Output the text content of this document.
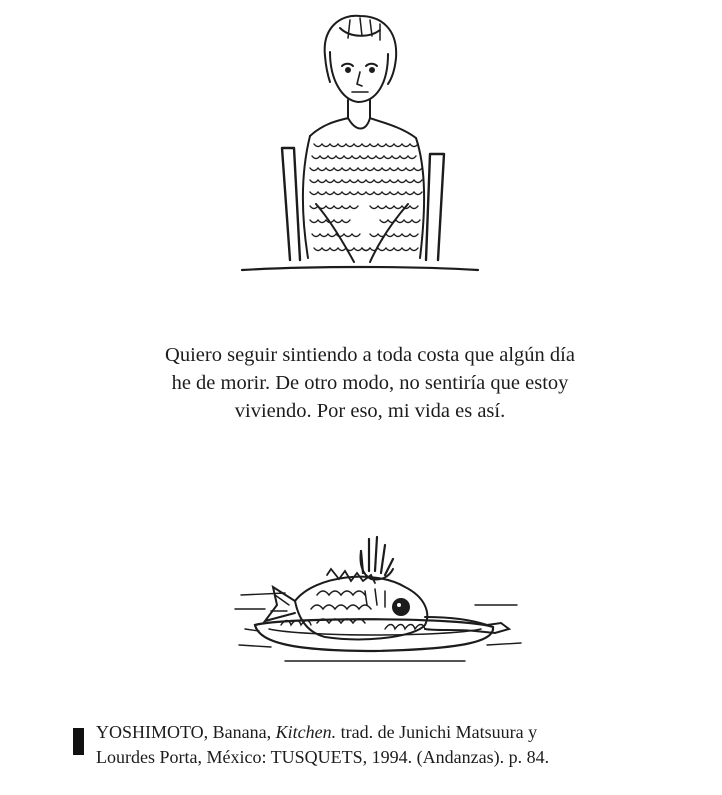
Quiero seguir sintiendo a toda costa que algún día

he de morir. De otro modo, no sentiría que estoy

viviendo. Por eso, mi vida es así.

YOSHIMOTO, Banana, Kitchen. trad. de Junichi Matsuura y

Lourdes Porta, México: TUSQUETS, 1994. (Andanzas). p. 84.
